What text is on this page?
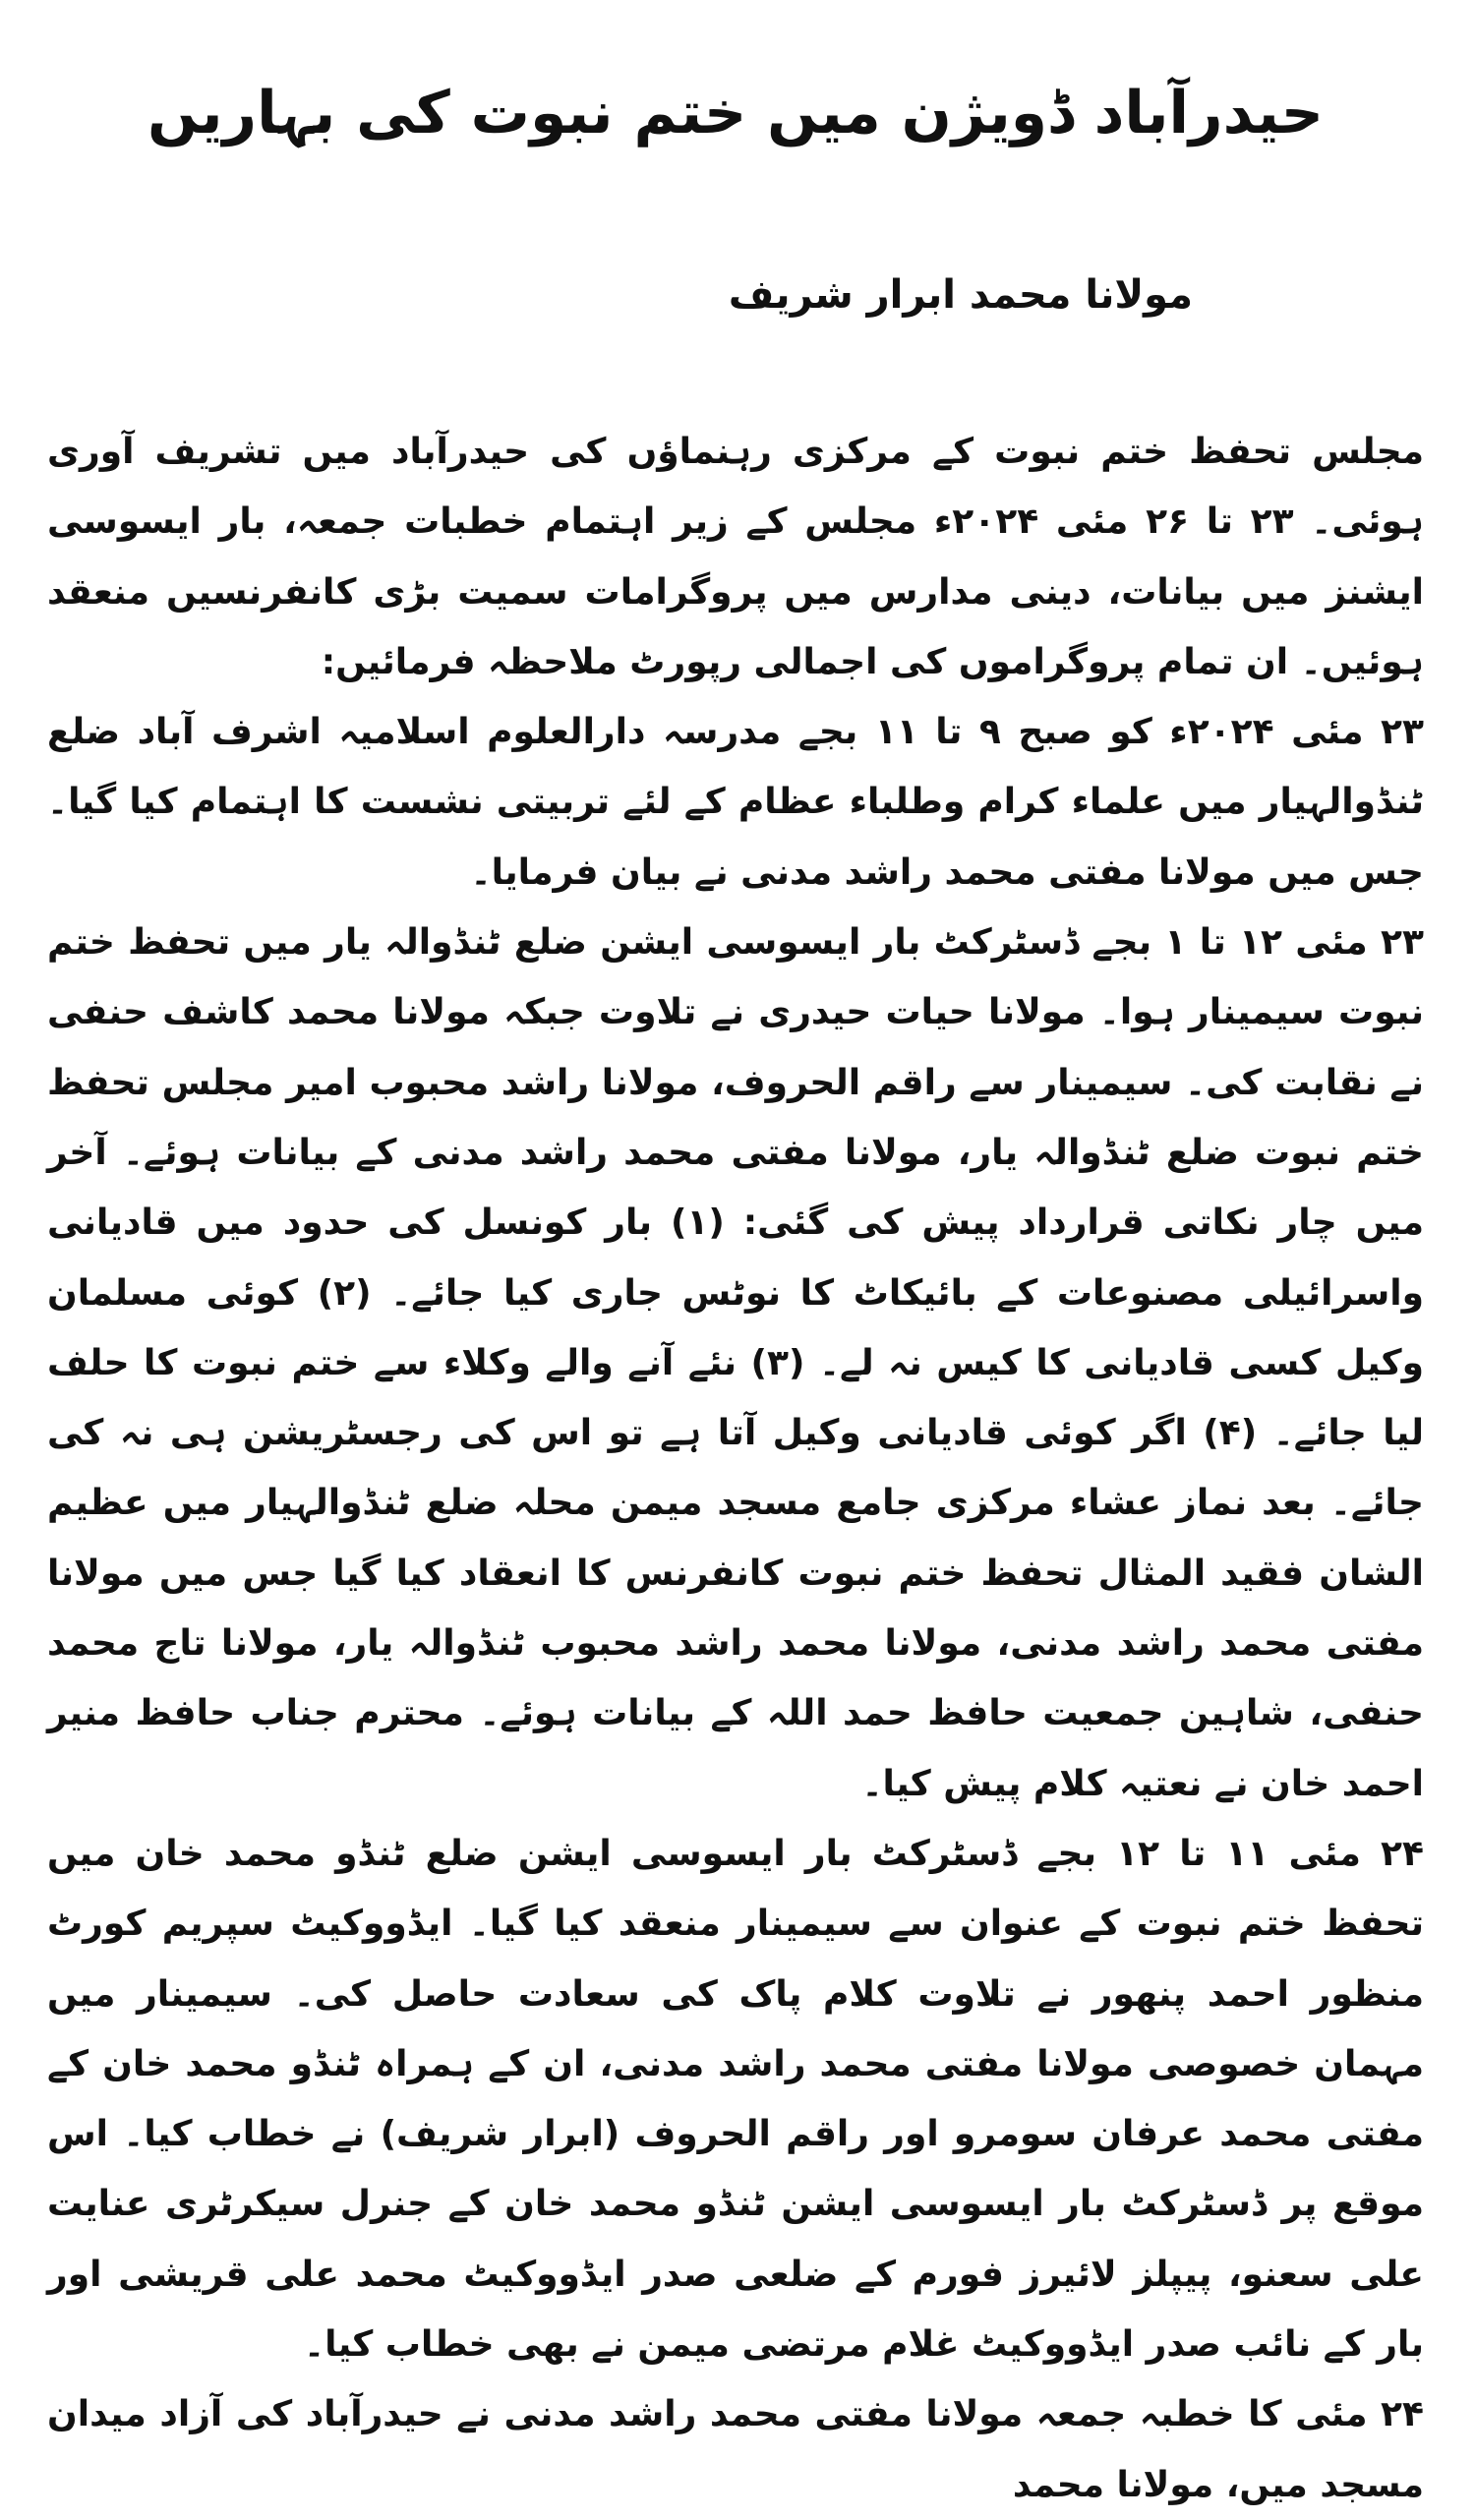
حیدرآباد ڈویژن میں ختم نبوت کی بہاریں
مولانا محمد ابرار شریف

مجلس تحفظ ختم نبوت کے مرکزی رہنماؤں کی حیدرآباد میں تشریف آوری ہوئی۔ ۲۳ تا ۲۶ مئی ۲۰۲۴ء مجلس کے زیر اہتمام خطبات جمعہ، بار ایسوسی ایشنز میں بیانات، دینی مدارس میں پروگرامات سمیت بڑی کانفرنسیں منعقد ہوئیں۔ ان تمام پروگراموں کی اجمالی رپورٹ ملاحظہ فرمائیں:

۲۳ مئی ۲۰۲۴ء کو صبح ۹ تا ۱۱ بجے مدرسہ دارالعلوم اسلامیہ اشرف آباد ضلع ٹنڈوالہیار میں علماء کرام وطلباء عظام کے لئے تربیتی نشست کا اہتمام کیا گیا۔ جس میں مولانا مفتی محمد راشد مدنی نے بیان فرمایا۔

۲۳ مئی ۱۲ تا ۱ بجے ڈسٹرکٹ بار ایسوسی ایشن ضلع ٹنڈوالہ یار میں تحفظ ختم نبوت سیمینار ہوا۔ مولانا حیات حیدری نے تلاوت جبکہ مولانا محمد کاشف حنفی نے نقابت کی۔ سیمینار سے راقم الحروف، مولانا راشد محبوب امیر مجلس تحفظ ختم نبوت ضلع ٹنڈوالہ یار، مولانا مفتی محمد راشد مدنی کے بیانات ہوئے۔ آخر میں چار نکاتی قرارداد پیش کی گئی: (۱) بار کونسل کی حدود میں قادیانی واسرائیلی مصنوعات کے بائیکاٹ کا نوٹس جاری کیا جائے۔ (۲) کوئی مسلمان وکیل کسی قادیانی کا کیس نہ لے۔ (۳) نئے آنے والے وکلاء سے ختم نبوت کا حلف لیا جائے۔ (۴) اگر کوئی قادیانی وکیل آتا ہے تو اس کی رجسٹریشن ہی نہ کی جائے۔ بعد نماز عشاء مرکزی جامع مسجد میمن محلہ ضلع ٹنڈوالہیار میں عظیم الشان فقید المثال تحفظ ختم نبوت کانفرنس کا انعقاد کیا گیا جس میں مولانا مفتی محمد راشد مدنی، مولانا محمد راشد محبوب ٹنڈوالہ یار، مولانا تاج محمد حنفی، شاہین جمعیت حافظ حمد اللہ کے بیانات ہوئے۔ محترم جناب حافظ منیر احمد خان نے نعتیہ کلام پیش کیا۔

۲۴ مئی ۱۱ تا ۱۲ بجے ڈسٹرکٹ بار ایسوسی ایشن ضلع ٹنڈو محمد خان میں تحفظ ختم نبوت کے عنوان سے سیمینار منعقد کیا گیا۔ ایڈووکیٹ سپریم کورٹ منظور احمد پنھور نے تلاوت کلام پاک کی سعادت حاصل کی۔ سیمینار میں مہمان خصوصی مولانا مفتی محمد راشد مدنی، ان کے ہمراہ ٹنڈو محمد خان کے مفتی محمد عرفان سومرو اور راقم الحروف (ابرار شریف) نے خطاب کیا۔ اس موقع پر ڈسٹرکٹ بار ایسوسی ایشن ٹنڈو محمد خان کے جنرل سیکرٹری عنایت علی سعنو، پیپلز لائیرز فورم کے ضلعی صدر ایڈووکیٹ محمد علی قریشی اور بار کے نائب صدر ایڈووکیٹ غلام مرتضی میمن نے بھی خطاب کیا۔

۲۴ مئی کا خطبہ جمعہ مولانا مفتی محمد راشد مدنی نے حیدرآباد کی آزاد میدان مسجد میں، مولانا محمد
